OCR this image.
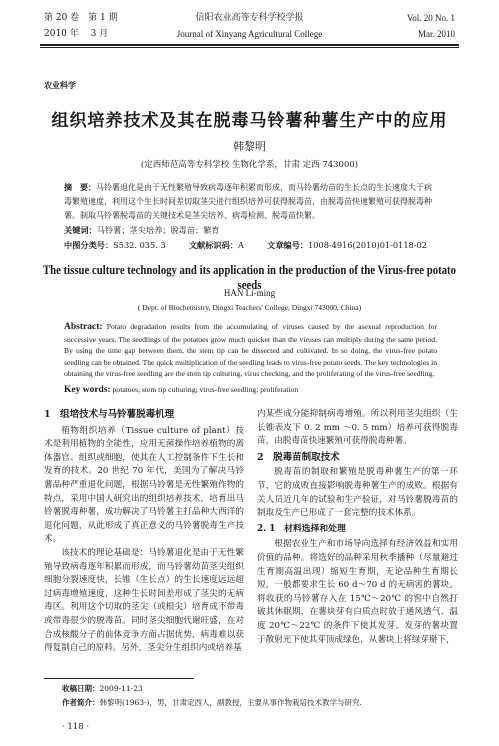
第 20 卷　第 1 期	信阳农业高等专科学校学报	Vol. 20 No. 1
2010 年　 3 月	Journal of Xinyang Agricultural College	Mar. 2010
农业科学
组织培养技术及其在脱毒马铃薯种薯生产中的应用
韩黎明
(定西师范高等专科学校 生物化学系，甘肃 定西 743000)
摘　要：马铃薯退化是由于无性繁殖导致病毒逐年积累而形成，而马铃薯幼苗的生长点的生长速度大于病毒繁殖速度，利用这个生长时间差切取茎尖进行组织培养可获得脱毒苗，由脱毒苗快速繁殖可获得脱毒种薯。制取马铃薯脱毒苗的关键技术是茎尖培养、病毒检测、脱毒苗快繁。
关键词：马铃薯；茎尖培养；脱毒苗；繁育
中图分类号：S532. 035. 3	文献标识码：A	文章编号：1008-4916(2010)01-0118-02
The tissue culture technology and its application in the production of the Virus-free potato seeds
HAN Li-ming
( Dept. of Biochemistry, Dingxi Teachers' College, Dingxi 743000, China)
Abstract: Potato degradation results from the accumulating of viruses caused by the asexual reproduction for successive years. The seedlings of the potatoes grow much quicker than the viruses can multiply during the same period. By using the time gap between them, the stem tip can be dissected and cultivated. In so doing, the virus-free potato seedling can be obtained. The quick multiplication of the seedling leads to virus-free potato seeds. The key technologies in obtaining the virus-free seedling are the stem tip culturing, virus checking, and the proliferating of the virus-free seedling.
Key words: potatoes; stem tip culturing; virus-free seedling; proliferation

1　组培技术与马铃薯脱毒机理

植物组织培养（Tissue culture of plant）技术是利用植物的全能性，应用无菌操作培养植物的离体器官、组织或细胞，使其在人工控制条件下生长和发育的技术。20 世纪 70 年代，美国为了解决马铃薯品种严重退化问题，根据马铃薯是无性繁殖作物的特点，采用中国人研究出的组织培养技术，培育出马铃薯脱毒种薯，成功解决了马铃薯主打品种大西洋的退化问题，从此形成了真正意义的马铃薯脱毒生产技术。

该技术的理论基础是：马铃薯退化是由于无性繁殖导致病毒逐年积累而形成，而马铃薯幼苗茎尖组织细胞分裂速度快，长锥（生长点）的生长速度远远超过病毒增殖速度，这种生长时间差形成了茎尖的无病毒区。利用这个切取的茎尖（或根尖）培育成不带毒或带毒很少的脱毒苗。同时茎尖细胞代谢旺盛，在对合成核酸分子的前体竞争方面占据优势，病毒难以获得复制自己的原料。另外，茎尖分生组织内或培养基

内某些成分能抑制病毒增殖。所以利用茎尖组织（生长锥表皮下 0. 2 mm ～0. 5 mm）培养可获得脱毒苗，由脱毒苗快速繁殖可获得脱毒种薯。

2　脱毒苗制取技术

脱毒苗的制取和繁殖是脱毒种薯生产的第一环节，它的成败直接影响脱毒种薯生产的成败。根据有关人员近几年的试验和生产验证，对马铃薯脱毒苗的制取及生产已形成了一套完整的技术体系。

2. 1　材料选择和处理

根据农业生产和市场导向选择有经济效益和实用价值的品种。将选好的品种采用秋季播种（尽量避过生育期高温出现）缩短生育期，无论品种生育期长短，一般都要求生长 60 d～70 d 的无病害的薯块。将收获的马铃薯存入在 15℃～20℃ 的窖中自然打破其休眠期，在薯块芽有白质点时放于通风透气、温度 20℃～22℃ 的条件下使其发芽。发芽的薯块置于散射光下使其芽顶成绿色，从薯块上将绿芽掰下，

收稿日期：2009-11-23
作者简介：韩黎明(1963-)，男，甘肃定西人，副教授，主要从事作物栽培技术教学与研究.
· 118 ·
